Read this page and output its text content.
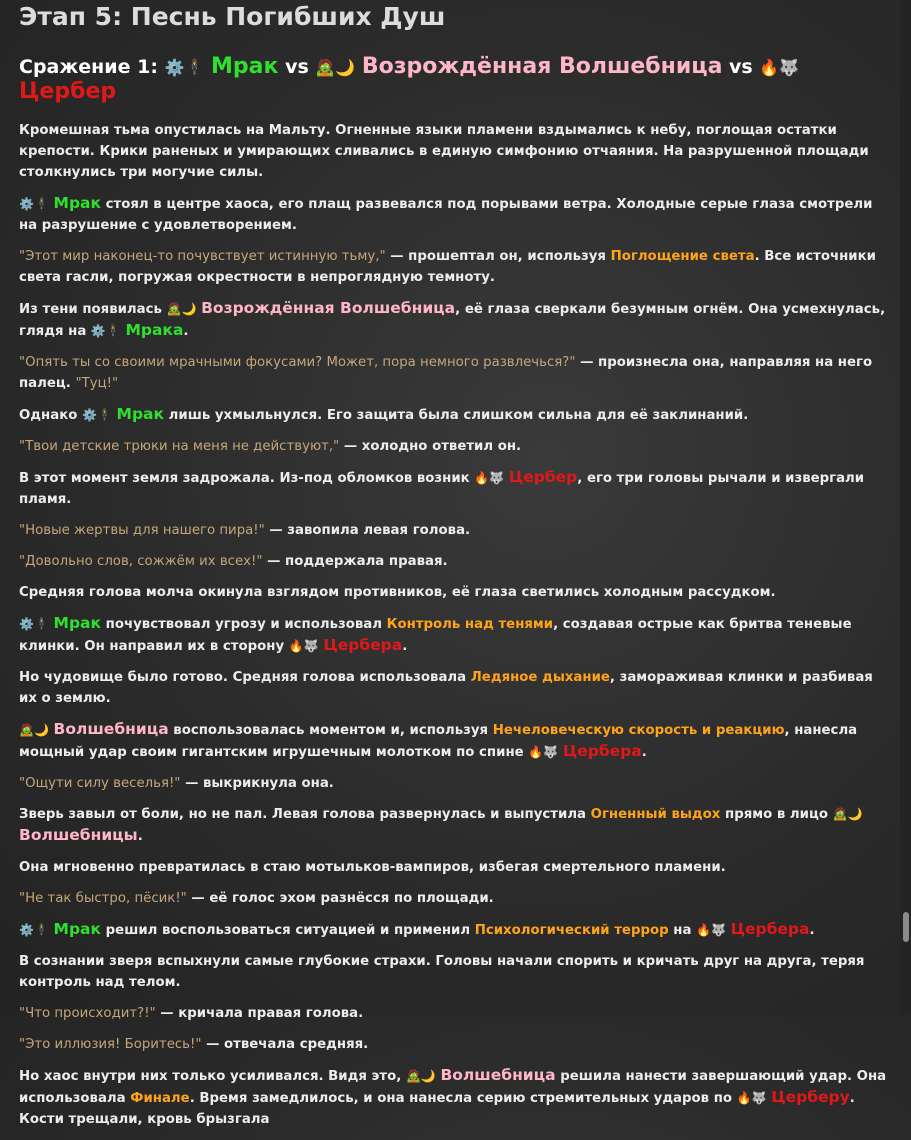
Этап 5: Песнь Погибших Душ
Сражение 1: ⚙️🕴 Мрак vs 🧟🌙 Возрождённая Волшебница vs 🔥🐺 Цербер

Кромешная тьма опустилась на Мальту. Огненные языки пламени вздымались к небу, поглощая остатки крепости. Крики раненых и умирающих сливались в единую симфонию отчаяния. На разрушенной площади столкнулись три могучие силы.

⚙️🕴 Мрак стоял в центре хаоса, его плащ развевался под порывами ветра. Холодные серые глаза смотрели на разрушение с удовлетворением.

"Этот мир наконец-то почувствует истинную тьму," — прошептал он, используя Поглощение света. Все источники света гасли, погружая окрестности в непроглядную темноту.

Из тени появилась 🧟🌙 Возрождённая Волшебница, её глаза сверкали безумным огнём. Она усмехнулась, глядя на ⚙️🕴 Мрака.

"Опять ты со своими мрачными фокусами? Может, пора немного развлечься?" — произнесла она, направляя на него палец. "Туц!"

Однако ⚙️🕴 Мрак лишь ухмыльнулся. Его защита была слишком сильна для её заклинаний.

"Твои детские трюки на меня не действуют," — холодно ответил он.

В этот момент земля задрожала. Из-под обломков возник 🔥🐺 Цербер, его три головы рычали и извергали пламя.

"Новые жертвы для нашего пира!" — завопила левая голова.

"Довольно слов, сожжём их всех!" — поддержала правая.

Средняя голова молча окинула взглядом противников, её глаза светились холодным рассудком.

⚙️🕴 Мрак почувствовал угрозу и использовал Контроль над тенями, создавая острые как бритва теневые клинки. Он направил их в сторону 🔥🐺 Цербера.

Но чудовище было готово. Средняя голова использовала Ледяное дыхание, замораживая клинки и разбивая их о землю.

🧟🌙 Волшебница воспользовалась моментом и, используя Нечеловеческую скорость и реакцию, нанесла мощный удар своим гигантским игрушечным молотком по спине 🔥🐺 Цербера.

"Ощути силу веселья!" — выкрикнула она.

Зверь завыл от боли, но не пал. Левая голова развернулась и выпустила Огненный выдох прямо в лицо 🧟🌙 Волшебницы.

Она мгновенно превратилась в стаю мотыльков-вампиров, избегая смертельного пламени.

"Не так быстро, пёсик!" — её голос эхом разнёсся по площади.

⚙️🕴 Мрак решил воспользоваться ситуацией и применил Психологический террор на 🔥🐺 Цербера.

В сознании зверя вспыхнули самые глубокие страхи. Головы начали спорить и кричать друг на друга, теряя контроль над телом.

"Что происходит?!" — кричала правая голова.

"Это иллюзия! Боритесь!" — отвечала средняя.

Но хаос внутри них только усиливался. Видя это, 🧟🌙 Волшебница решила нанести завершающий удар. Она использовала Финале. Время замедлилось, и она нанесла серию стремительных ударов по 🔥🐺 Церберу. Кости трещали, кровь брызгала
